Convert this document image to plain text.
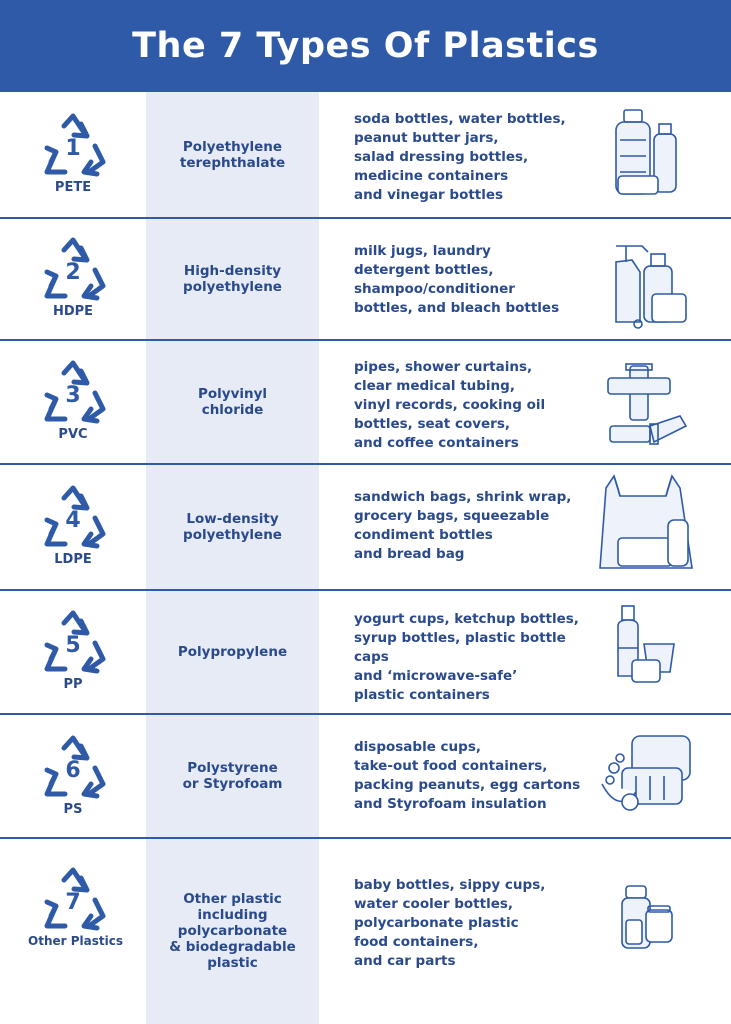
The 7 Types Of Plastics
1
PETE
Polyethylene
terephthalate
soda bottles, water bottles,
peanut butter jars,
salad dressing bottles,
medicine containers
and vinegar bottles
2
HDPE
High-density
polyethylene
milk jugs, laundry
detergent bottles,
shampoo/conditioner
bottles, and bleach bottles
3
PVC
Polyvinyl
chloride
pipes, shower curtains,
clear medical tubing,
vinyl records, cooking oil
bottles, seat covers,
and coffee containers
4
LDPE
Low-density
polyethylene
sandwich bags, shrink wrap,
grocery bags, squeezable
condiment bottles
and bread bag
5
PP
Polypropylene
yogurt cups, ketchup bottles,
syrup bottles, plastic bottle caps
and ‘microwave-safe’
plastic containers
6
PS
Polystyrene
or Styrofoam
disposable cups,
take-out food containers,
packing peanuts, egg cartons
and Styrofoam insulation
7
Other Plastics
Other plastic
including
polycarbonate
& biodegradable
plastic
baby bottles, sippy cups,
water cooler bottles,
polycarbonate plastic
food containers,
and car parts
